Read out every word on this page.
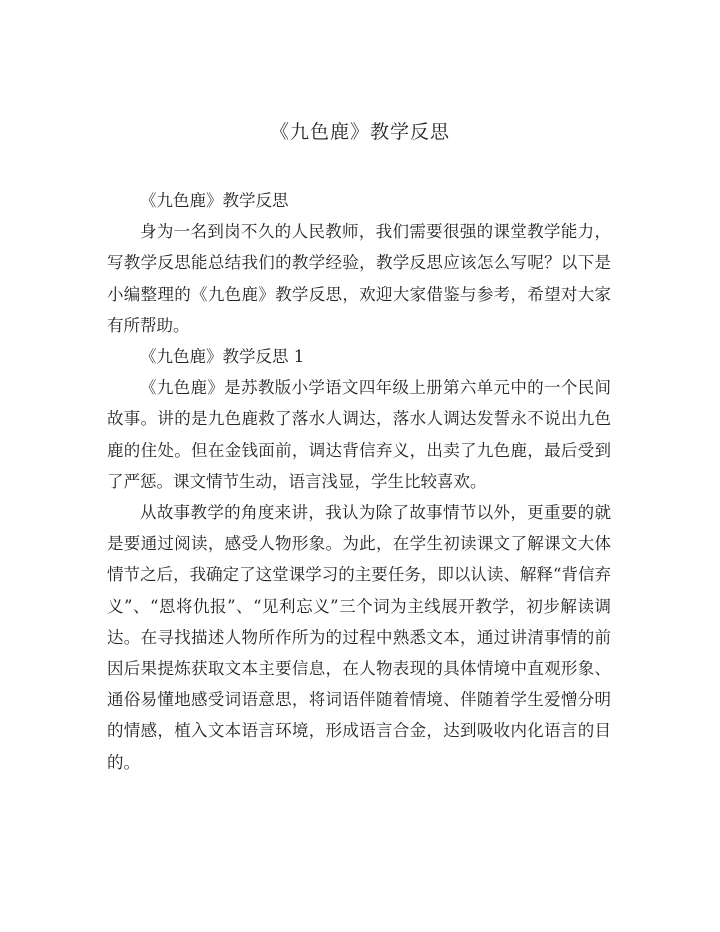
《九色鹿》教学反思

《九色鹿》教学反思

身为一名到岗不久的人民教师，我们需要很强的课堂教学能力，写教学反思能总结我们的教学经验，教学反思应该怎么写呢？以下是小编整理的《九色鹿》教学反思，欢迎大家借鉴与参考，希望对大家有所帮助。

《九色鹿》教学反思 1

《九色鹿》是苏教版小学语文四年级上册第六单元中的一个民间故事。讲的是九色鹿救了落水人调达，落水人调达发誓永不说出九色鹿的住处。但在金钱面前，调达背信弃义，出卖了九色鹿，最后受到了严惩。课文情节生动，语言浅显，学生比较喜欢。

从故事教学的角度来讲，我认为除了故事情节以外，更重要的就是要通过阅读，感受人物形象。为此，在学生初读课文了解课文大体情节之后，我确定了这堂课学习的主要任务，即以认读、解释“背信弃义”、“恩将仇报”、“见利忘义”三个词为主线展开教学，初步解读调达。在寻找描述人物所作所为的过程中熟悉文本，通过讲清事情的前因后果提炼获取文本主要信息，在人物表现的具体情境中直观形象、通俗易懂地感受词语意思，将词语伴随着情境、伴随着学生爱憎分明的情感，植入文本语言环境，形成语言合金，达到吸收内化语言的目的。
